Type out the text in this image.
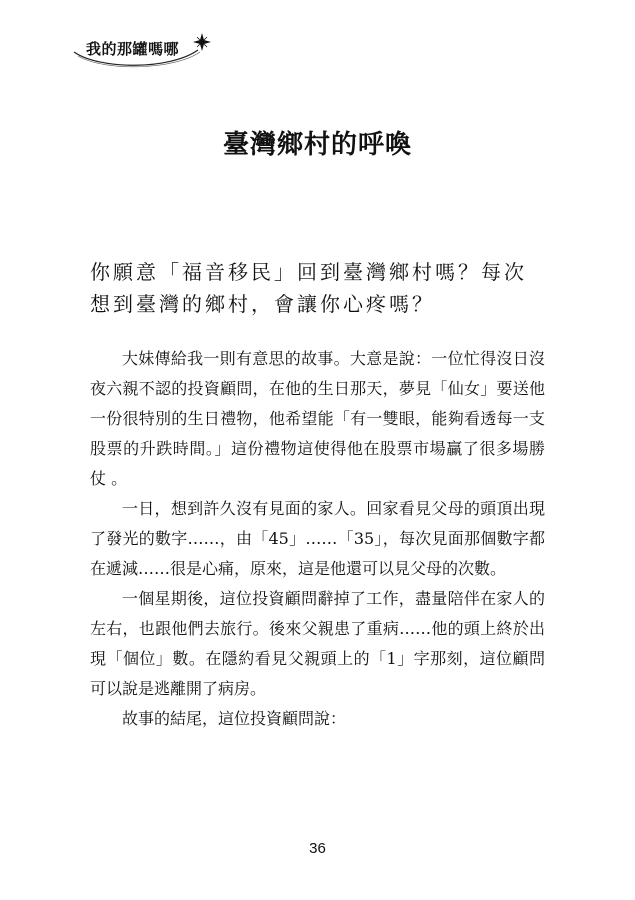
我的那罐嗎哪
臺灣鄉村的呼喚

你願意「福音移民」回到臺灣鄉村嗎？每次想到臺灣的鄉村，會讓你心疼嗎？

大妹傳給我一則有意思的故事。大意是說：一位忙得沒日沒夜六親不認的投資顧問，在他的生日那天，夢見「仙女」要送他一份很特別的生日禮物，他希望能「有一雙眼，能夠看透每一支股票的升跌時間。」這份禮物這使得他在股票市場贏了很多場勝仗 。

一日，想到許久沒有見面的家人。回家看見父母的頭頂出現了發光的數字……，由「45」……「35」，每次見面那個數字都在遞減……很是心痛，原來，這是他還可以見父母的次數。

一個星期後，這位投資顧問辭掉了工作，盡量陪伴在家人的左右，也跟他們去旅行。後來父親患了重病……他的頭上終於出現「個位」數。在隱約看見父親頭上的「1」字那刻，這位顧問可以說是逃離開了病房。

故事的結尾，這位投資顧問說：

36
